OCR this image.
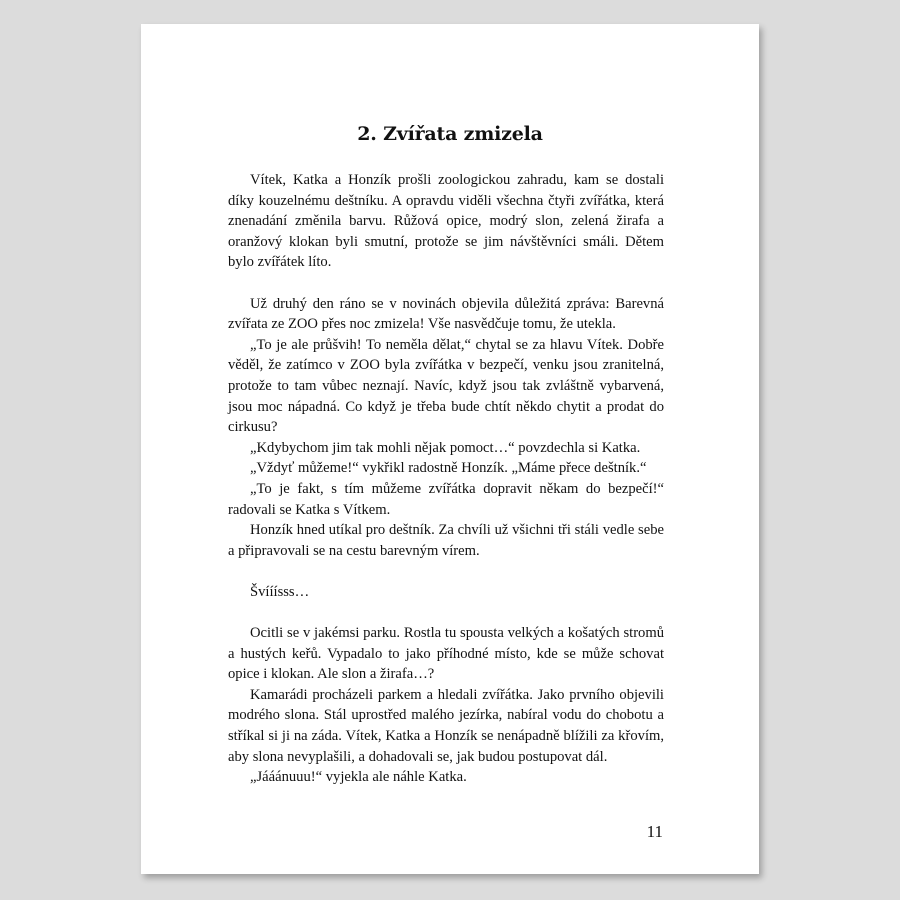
2. Zvířata zmizela

Vítek, Katka a Honzík prošli zoologickou zahradu, kam se dostali díky kouzelnému deštníku. A opravdu viděli všechna čtyři zvířátka, která znenadání změnila barvu. Růžová opice, modrý slon, zelená žirafa a oranžový klokan byli smutní, protože se jim návštěvníci smáli. Dětem bylo zvířátek líto.

Už druhý den ráno se v novinách objevila důležitá zpráva: Barevná zvířata ze ZOO přes noc zmizela! Vše nasvědčuje tomu, že utekla.

„To je ale průšvih! To neměla dělat,“ chytal se za hlavu Vítek. Dobře věděl, že zatímco v ZOO byla zvířátka v bezpečí, venku jsou zranitelná, protože to tam vůbec neznají. Navíc, když jsou tak zvláštně vybarvená, jsou moc nápadná. Co když je třeba bude chtít někdo chytit a prodat do cirkusu?

„Kdybychom jim tak mohli nějak pomoct…“ povzdechla si Katka.

„Vždyť můžeme!“ vykřikl radostně Honzík. „Máme přece deštník.“

„To je fakt, s tím můžeme zvířátka dopravit někam do bezpečí!“ radovali se Katka s Vítkem.

Honzík hned utíkal pro deštník. Za chvíli už všichni tři stáli vedle sebe a připravovali se na cestu barevným vírem.

Švííísss…

Ocitli se v jakémsi parku. Rostla tu spousta velkých a košatých stromů a hustých keřů. Vypadalo to jako příhodné místo, kde se může schovat opice i klokan. Ale slon a žirafa…?

Kamarádi procházeli parkem a hledali zvířátka. Jako prvního objevili modrého slona. Stál uprostřed malého jezírka, nabíral vodu do chobotu a stříkal si ji na záda. Vítek, Katka a Honzík se nenápadně blížili za křovím, aby slona nevyplašili, a dohadovali se, jak budou postupovat dál.

„Jááánuuu!“ vyjekla ale náhle Katka.

11
